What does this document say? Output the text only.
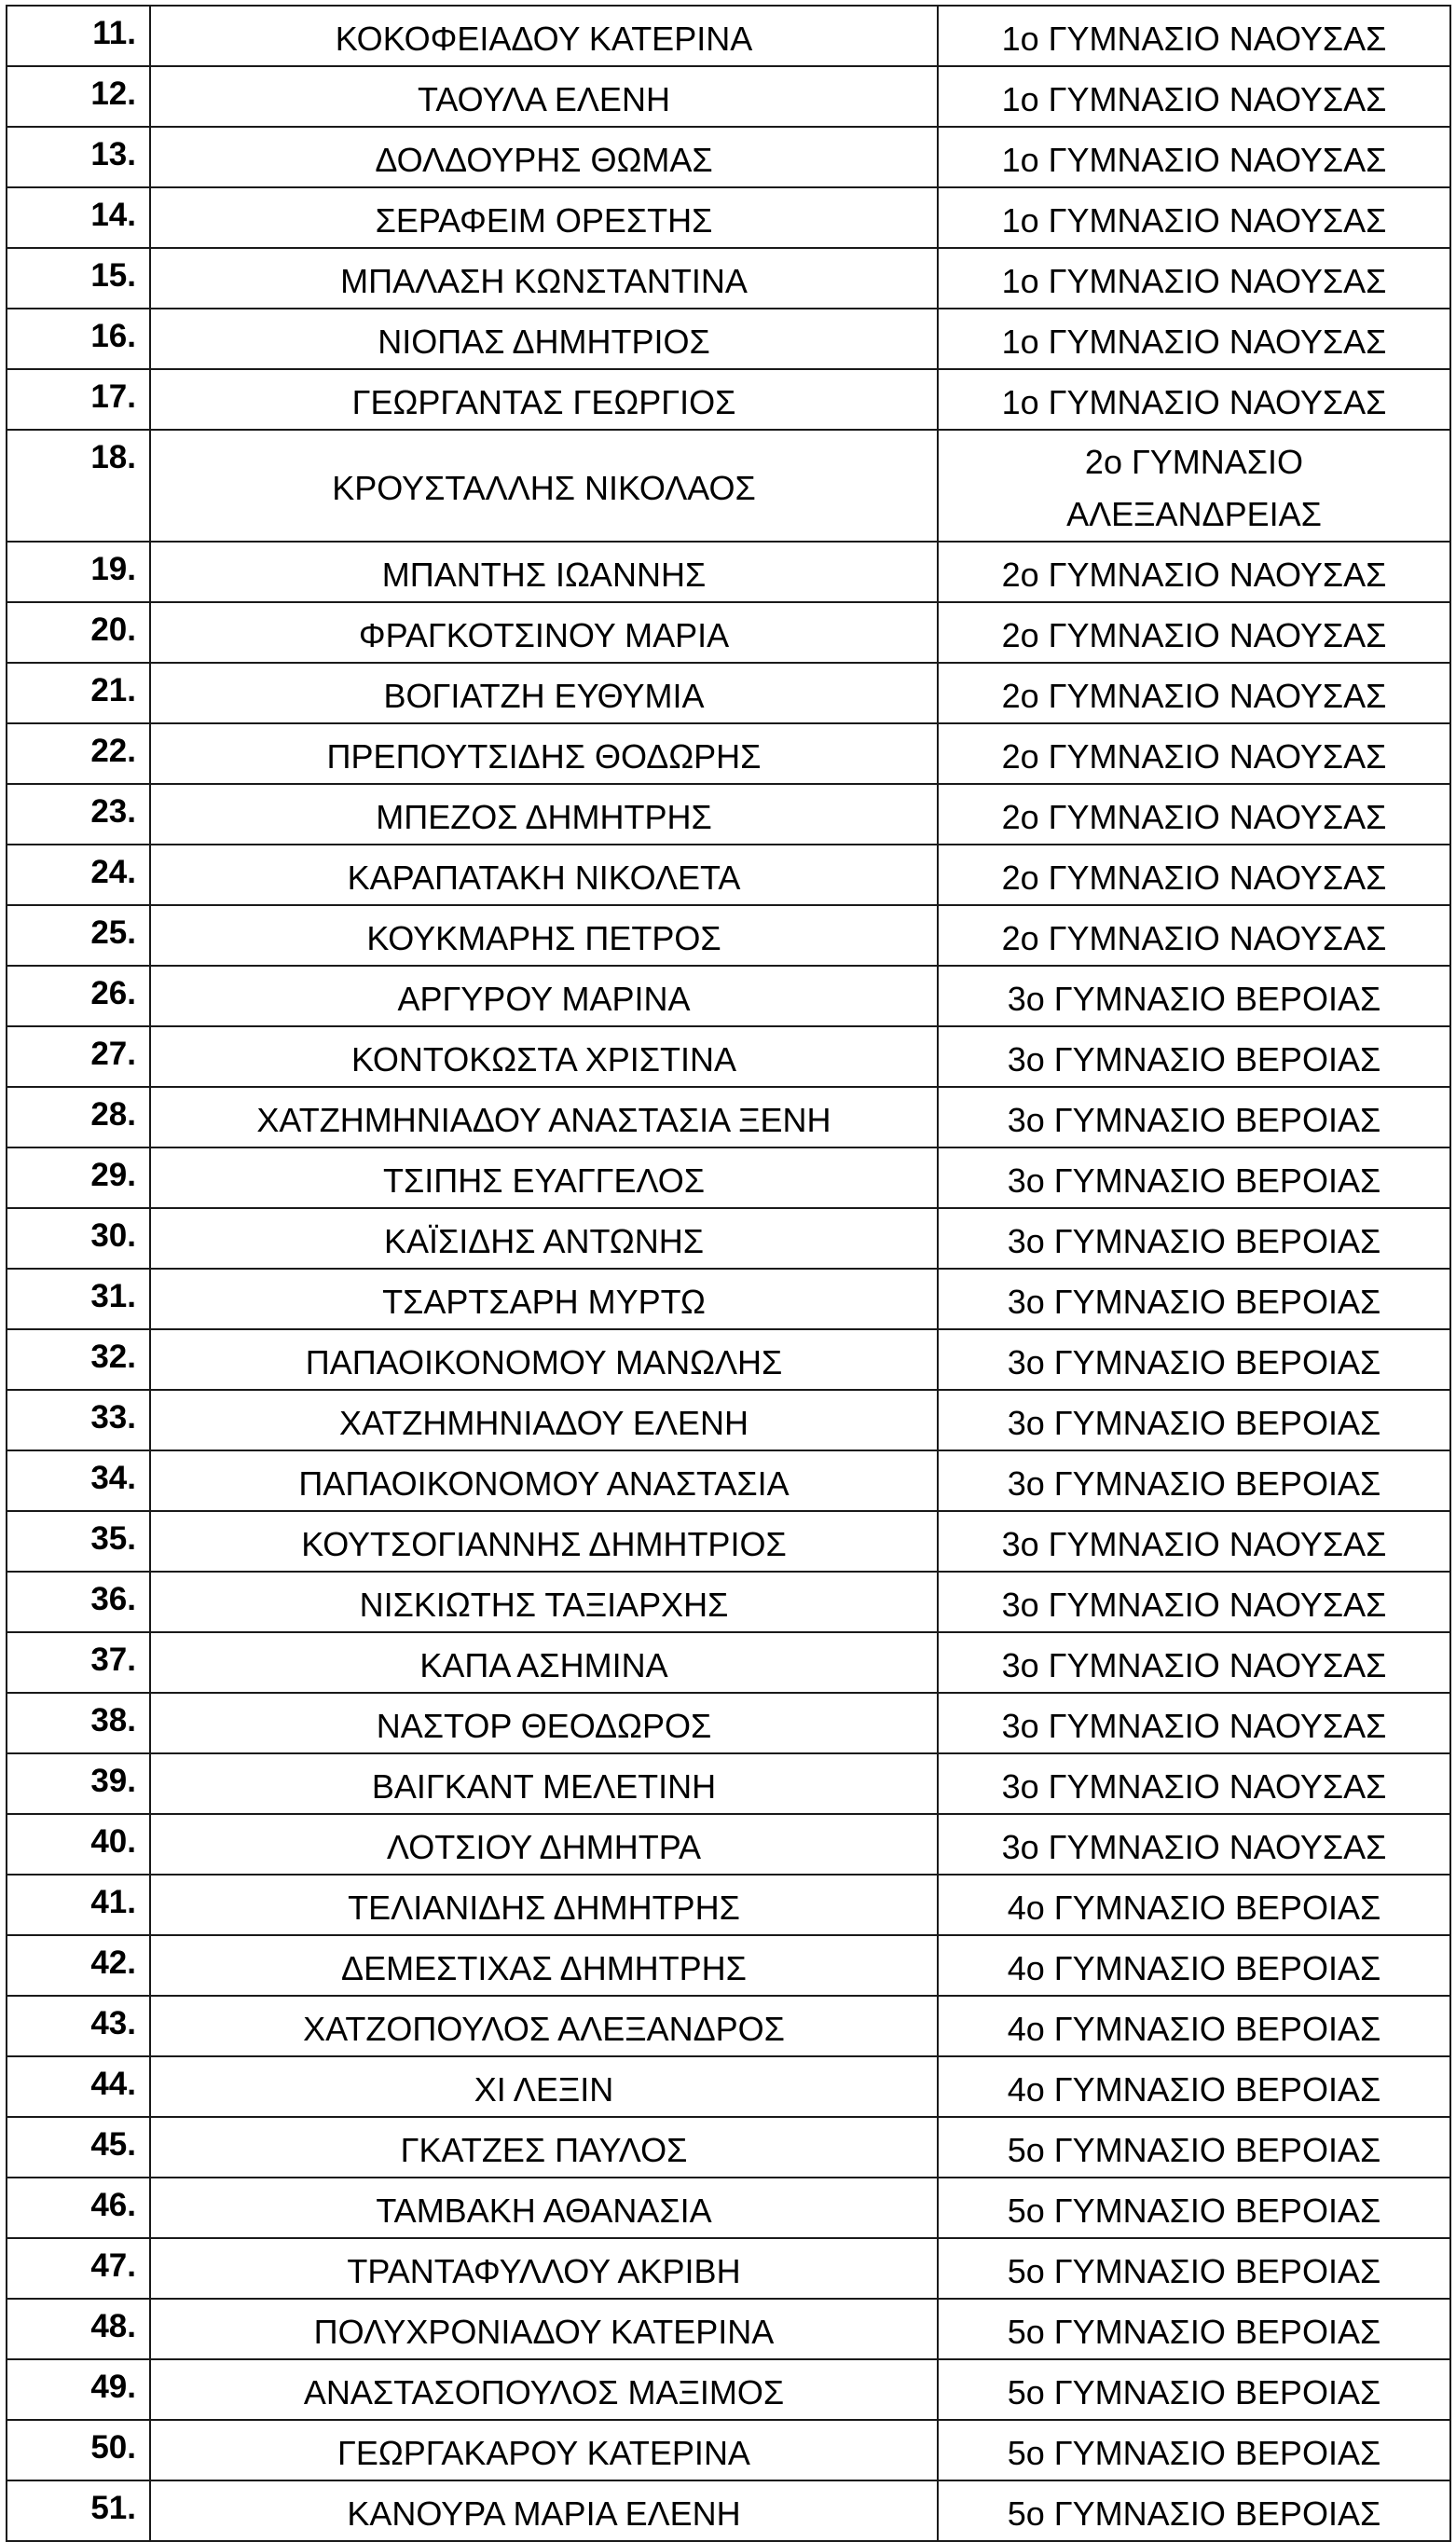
11.	ΚΟΚΟΦΕΙΑΔΟΥ ΚΑΤΕΡΙΝΑ	1ο ΓΥΜΝΑΣΙΟ ΝΑΟΥΣΑΣ
12.	ΤΑΟΥΛΑ ΕΛΕΝΗ	1ο ΓΥΜΝΑΣΙΟ ΝΑΟΥΣΑΣ
13.	ΔΟΛΔΟΥΡΗΣ ΘΩΜΑΣ	1ο ΓΥΜΝΑΣΙΟ ΝΑΟΥΣΑΣ
14.	ΣΕΡΑΦΕΙΜ ΟΡΕΣΤΗΣ	1ο ΓΥΜΝΑΣΙΟ ΝΑΟΥΣΑΣ
15.	ΜΠΑΛΑΣΗ ΚΩΝΣΤΑΝΤΙΝΑ	1ο ΓΥΜΝΑΣΙΟ ΝΑΟΥΣΑΣ
16.	ΝΙΟΠΑΣ ΔΗΜΗΤΡΙΟΣ	1ο ΓΥΜΝΑΣΙΟ ΝΑΟΥΣΑΣ
17.	ΓΕΩΡΓΑΝΤΑΣ ΓΕΩΡΓΙΟΣ	1ο ΓΥΜΝΑΣΙΟ ΝΑΟΥΣΑΣ
18.	ΚΡΟΥΣΤΑΛΛΗΣ ΝΙΚΟΛΑΟΣ	2ο ΓΥΜΝΑΣΙΟ ΑΛΕΞΑΝΔΡΕΙΑΣ
19.	ΜΠΑΝΤΗΣ ΙΩΑΝΝΗΣ	2ο ΓΥΜΝΑΣΙΟ ΝΑΟΥΣΑΣ
20.	ΦΡΑΓΚΟΤΣΙΝΟΥ ΜΑΡΙΑ	2ο ΓΥΜΝΑΣΙΟ ΝΑΟΥΣΑΣ
21.	ΒΟΓΙΑΤΖΗ ΕΥΘΥΜΙΑ	2ο ΓΥΜΝΑΣΙΟ ΝΑΟΥΣΑΣ
22.	ΠΡΕΠΟΥΤΣΙΔΗΣ ΘΟΔΩΡΗΣ	2ο ΓΥΜΝΑΣΙΟ ΝΑΟΥΣΑΣ
23.	ΜΠΕΖΟΣ ΔΗΜΗΤΡΗΣ	2ο ΓΥΜΝΑΣΙΟ ΝΑΟΥΣΑΣ
24.	ΚΑΡΑΠΑΤΑΚΗ ΝΙΚΟΛΕΤΑ	2ο ΓΥΜΝΑΣΙΟ ΝΑΟΥΣΑΣ
25.	ΚΟΥΚΜΑΡΗΣ ΠΕΤΡΟΣ	2ο ΓΥΜΝΑΣΙΟ ΝΑΟΥΣΑΣ
26.	ΑΡΓΥΡΟΥ ΜΑΡΙΝΑ	3ο ΓΥΜΝΑΣΙΟ ΒΕΡΟΙΑΣ
27.	ΚΟΝΤΟΚΩΣΤΑ ΧΡΙΣΤΙΝΑ	3ο ΓΥΜΝΑΣΙΟ ΒΕΡΟΙΑΣ
28.	ΧΑΤΖΗΜΗΝΙΑΔΟΥ ΑΝΑΣΤΑΣΙΑ ΞΕΝΗ	3ο ΓΥΜΝΑΣΙΟ ΒΕΡΟΙΑΣ
29.	ΤΣΙΠΗΣ ΕΥΑΓΓΕΛΟΣ	3ο ΓΥΜΝΑΣΙΟ ΒΕΡΟΙΑΣ
30.	ΚΑΪΣΙΔΗΣ ΑΝΤΩΝΗΣ	3ο ΓΥΜΝΑΣΙΟ ΒΕΡΟΙΑΣ
31.	ΤΣΑΡΤΣΑΡΗ ΜΥΡΤΩ	3ο ΓΥΜΝΑΣΙΟ ΒΕΡΟΙΑΣ
32.	ΠΑΠΑΟΙΚΟΝΟΜΟΥ ΜΑΝΩΛΗΣ	3ο ΓΥΜΝΑΣΙΟ ΒΕΡΟΙΑΣ
33.	ΧΑΤΖΗΜΗΝΙΑΔΟΥ ΕΛΕΝΗ	3ο ΓΥΜΝΑΣΙΟ ΒΕΡΟΙΑΣ
34.	ΠΑΠΑΟΙΚΟΝΟΜΟΥ ΑΝΑΣΤΑΣΙΑ	3ο ΓΥΜΝΑΣΙΟ ΒΕΡΟΙΑΣ
35.	ΚΟΥΤΣΟΓΙΑΝΝΗΣ ΔΗΜΗΤΡΙΟΣ	3ο ΓΥΜΝΑΣΙΟ ΝΑΟΥΣΑΣ
36.	ΝΙΣΚΙΩΤΗΣ ΤΑΞΙΑΡΧΗΣ	3ο ΓΥΜΝΑΣΙΟ ΝΑΟΥΣΑΣ
37.	ΚΑΠΑ ΑΣΗΜΙΝΑ	3ο ΓΥΜΝΑΣΙΟ ΝΑΟΥΣΑΣ
38.	ΝΑΣΤΟΡ ΘΕΟΔΩΡΟΣ	3ο ΓΥΜΝΑΣΙΟ ΝΑΟΥΣΑΣ
39.	ΒΑΙΓΚΑΝΤ ΜΕΛΕΤΙΝΗ	3ο ΓΥΜΝΑΣΙΟ ΝΑΟΥΣΑΣ
40.	ΛΟΤΣΙΟΥ ΔΗΜΗΤΡΑ	3ο ΓΥΜΝΑΣΙΟ ΝΑΟΥΣΑΣ
41.	ΤΕΛΙΑΝΙΔΗΣ ΔΗΜΗΤΡΗΣ	4ο ΓΥΜΝΑΣΙΟ ΒΕΡΟΙΑΣ
42.	ΔΕΜΕΣΤΙΧΑΣ ΔΗΜΗΤΡΗΣ	4ο ΓΥΜΝΑΣΙΟ ΒΕΡΟΙΑΣ
43.	ΧΑΤΖΟΠΟΥΛΟΣ ΑΛΕΞΑΝΔΡΟΣ	4ο ΓΥΜΝΑΣΙΟ ΒΕΡΟΙΑΣ
44.	ΧΙ ΛΕΞΙΝ	4ο ΓΥΜΝΑΣΙΟ ΒΕΡΟΙΑΣ
45.	ΓΚΑΤΖΕΣ ΠΑΥΛΟΣ	5ο ΓΥΜΝΑΣΙΟ ΒΕΡΟΙΑΣ
46.	ΤΑΜΒΑΚΗ ΑΘΑΝΑΣΙΑ	5ο ΓΥΜΝΑΣΙΟ ΒΕΡΟΙΑΣ
47.	ΤΡΑΝΤΑΦΥΛΛΟΥ ΑΚΡΙΒΗ	5ο ΓΥΜΝΑΣΙΟ ΒΕΡΟΙΑΣ
48.	ΠΟΛΥΧΡΟΝΙΑΔΟΥ ΚΑΤΕΡΙΝΑ	5ο ΓΥΜΝΑΣΙΟ ΒΕΡΟΙΑΣ
49.	ΑΝΑΣΤΑΣΟΠΟΥΛΟΣ ΜΑΞΙΜΟΣ	5ο ΓΥΜΝΑΣΙΟ ΒΕΡΟΙΑΣ
50.	ΓΕΩΡΓΑΚΑΡΟΥ ΚΑΤΕΡΙΝΑ	5ο ΓΥΜΝΑΣΙΟ ΒΕΡΟΙΑΣ
51.	ΚΑΝΟΥΡΑ ΜΑΡΙΑ ΕΛΕΝΗ	5ο ΓΥΜΝΑΣΙΟ ΒΕΡΟΙΑΣ
